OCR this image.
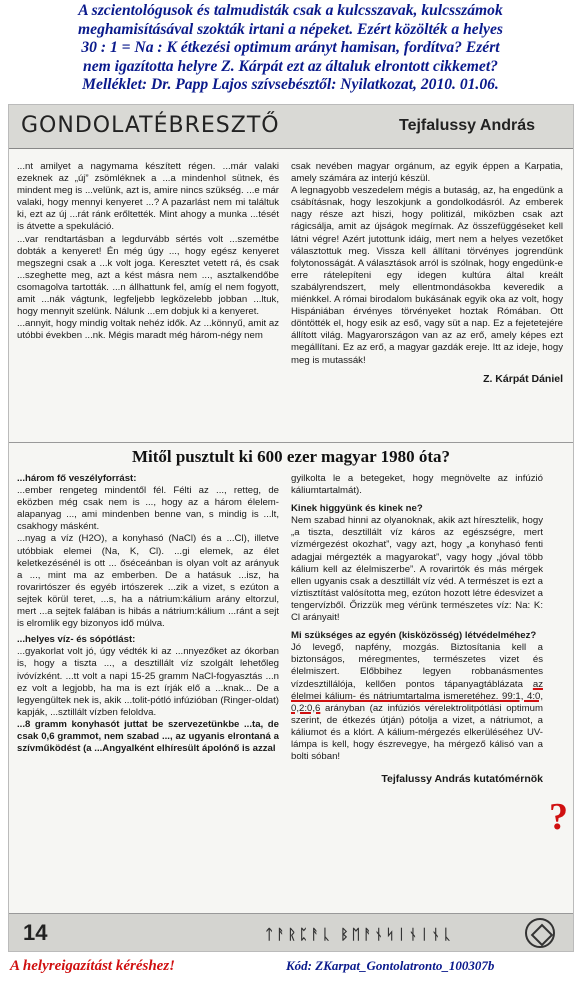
A szcientológusok és talmudisták csak a kulcsszavak, kulcsszámok
meghamisításával szokták irtani a népeket. Ezért közölték a helyes
30 : 1 = Na : K étkezési optimum arányt hamisan, fordítva? Ezért
nem igazította helyre Z. Kárpát ezt az általuk elrontott cikkemet?
Melléklet: Dr. Papp Lajos szívsebésztől: Nyilatkozat, 2010. 01.06.
GONDOLATÉBRESZTŐ	Tejfalussy András

...nt amilyet a nagymama készített régen. ...már valaki ezeknek az „új” zsömléknek a ...a mindenhol sütnek, és mindent meg is ...velünk, azt is, amire nincs szükség. ...e már valaki, hogy mennyi kenyeret ...? A pazarlást nem mi találtuk ki, ezt az új ...rát ránk erőltették. Mint ahogy a munka ...tését is átvette a spekuláció.

...var rendtartásban a legdurvább sértés volt ...szemétbe dobták a kenyeret! Én még úgy ..., hogy egész kenyeret megszegni csak a ...k volt joga. Keresztet vetett rá, és csak ...szeghette meg, azt a kést másra nem ..., asztalkendőbe csomagolva tartották. ...n állhattunk fel, amíg el nem fogyott, amit ...nák vágtunk, legfeljebb legközelebb jobban ...ltuk, hogy mennyit szelünk. Nálunk ...em dobjuk ki a kenyeret.

...annyit, hogy mindig voltak nehéz idők. Az ...könnyű, amit az utóbbi években ...nk. Mégis maradt még három-négy nem

csak nevében magyar orgánum, az egyik éppen a Karpatia, amely számára az interjú készül.

A legnagyobb veszedelem mégis a butaság, az, ha engedünk a csábításnak, hogy leszokjunk a gondolkodásról. Az emberek nagy része azt hiszi, hogy politizál, miközben csak azt rágicsálja, amit az újságok megírnak. Az összefüggéseket kell látni végre! Azért jutottunk idáig, mert nem a helyes vezetőket választottuk meg. Vissza kell állítani törvényes jogrendünk folytonosságát. A választások arról is szólnak, hogy engedünk-e erre rátelepíteni egy idegen kultúra által kreált szabályrendszert, mely ellentmondásokba keveredik a miénkkel. A római birodalom bukásának egyik oka az volt, hogy Hispániában érvényes törvényeket hoztak Rómában. Ott döntötték el, hogy esik az eső, vagy süt a nap. Ez a fejetetejére állított világ. Magyarországon van az az erő, amely képes ezt megállítani. Ez az erő, a magyar gazdák ereje. Itt az ideje, hogy meg is mutassák!

Z. Kárpát Dániel
Mitől pusztult ki 600 ezer magyar 1980 óta?

...három fő veszélyforrást:

...ember rengeteg mindentől fél. Félti az ..., retteg, de eközben még csak nem is ..., hogy az a három élelem-alapanyag ..., ami mindenben benne van, s mindig is ...lt, csakhogy másként.

...nyag a víz (H2O), a konyhasó (NaCl) és a ...Cl), illetve utóbbiak elemei (Na, K, Cl). ...gi elemek, az élet keletkezésénél is ott ... őséceánban is olyan volt az arányuk a ..., mint ma az emberben. De a hatásuk ...isz, ha rovarirtószer és egyéb irtószerek ...zik a vizet, s ezúton a sejtek körül teret, ...s, ha a nátrium:kálium arány eltorzul, mert ...a sejtek falában is hibás a nátrium:kálium ...ránt a sejt is elromlik egy bizonyos idő múlva.

...helyes víz- és sópótlást:

...gyakorlat volt jó, úgy védték ki az ...nnyezőket az ókorban is, hogy a tiszta ..., a desztillált víz szolgált lehetőleg ivóvízként. ...tt volt a napi 15-25 gramm NaCl-fogyasztás ...n ez volt a legjobb, ha ma is ezt írják elő a ...knak... De a legyengültek nek is, akik ...tolit-pótló infúzióban (Ringer-oldat) kapják, ...sztillált vízben feloldva.

...8 gramm konyhasót juttat be szervezetünkbe ...ta, de csak 0,6 grammot, nem szabad ..., az ugyanis elrontaná a szívműködést (a ...Angyalként elhíresült ápolónő is azzal

gyilkolta le a betegeket, hogy megnövelte az infúzió káliumtartalmát).

Kinek higgyünk és kinek ne?

Nem szabad hinni az olyanoknak, akik azt híresztelik, hogy „a tiszta, desztillált víz káros az egészségre, mert vízmérgezést okozhat”, vagy azt, hogy „a konyhasó fenti adagjai mérgezték a magyarokat”, vagy hogy „jóval több kálium kell az élelmiszerbe”. A rovarirtók és más mérgek ellen ugyanis csak a desztillált víz véd. A természet is ezt a víztisztítást valósította meg, ezúton hozott létre édesvizet a tengervízből. Őrizzük meg vérünk természetes víz: Na: K: Cl arányait!

Mi szükséges az egyén (kisközösség) létvédelméhez?

Jó levegő, napfény, mozgás. Biztosítania kell a biztonságos, méregmentes, természetes vizet és élelmiszert. Előbbihez legyen robbanásmentes vízdesztillálója, kellően pontos tápanyagtáblázata az élelmei kálium- és nátriumtartalma ismeretéhez. 99:1, 4:0, 0,2:0,6 arányban (az infúziós vérelektrolitpótlási optimum szerint, de étkezés útján) pótolja a vizet, a nátriumot, a káliumot és a klórt. A kálium-mérgezés elkerüléséhez UV-lámpa is kell, hogy észrevegye, ha mérgező kálisó van a bolti sóban!

Tejfalussy András kutatómérnök
?
14	ᛏᚨᚱᛈᚨᚳ ᛒᛖᚨᚾᛋᛁᚾᛁᚾᚳ
A helyreigazítást kéréshez!	Kód: ZKarpat_Gontolatronto_100307b
